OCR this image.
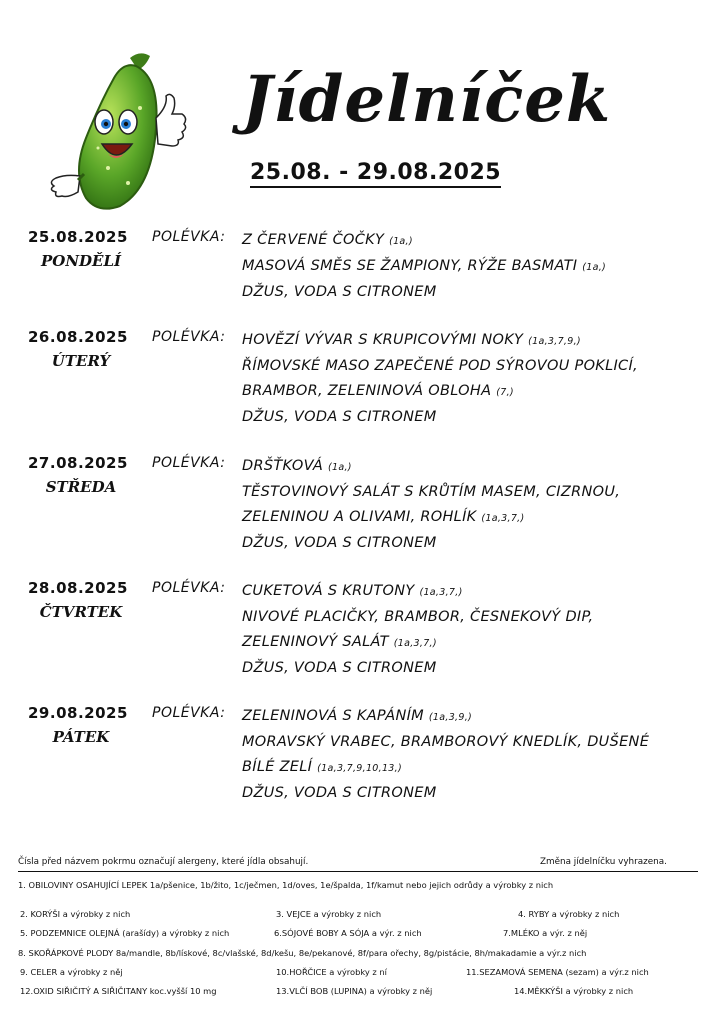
Jídelníček
25.08. - 29.08.2025
25.08.2025
PONDĚLÍ
POLÉVKA: Z ČERVENÉ ČOČKY (1a,)
MASOVÁ SMĚS SE ŽAMPIONY, RÝŽE BASMATI (1a,)
DŽUS, VODA S CITRONEM
26.08.2025
ÚTERÝ
POLÉVKA: HOVĚZÍ VÝVAR S KRUPICOVÝMI NOKY (1a,3,7,9,)
ŘÍMOVSKÉ MASO ZAPEČENÉ POD SÝROVOU POKLICÍ,
BRAMBOR, ZELENINOVÁ OBLOHA (7,)
DŽUS, VODA S CITRONEM
27.08.2025
STŘEDA
POLÉVKA: DRŠŤKOVÁ (1a,)
TĚSTOVINOVÝ SALÁT S KRŮTÍM MASEM, CIZRNOU,
ZELENINOU A OLIVAMI, ROHLÍK (1a,3,7,)
DŽUS, VODA S CITRONEM
28.08.2025
ČTVRTEK
POLÉVKA: CUKETOVÁ S KRUTONY (1a,3,7,)
NIVOVÉ PLACIČKY, BRAMBOR, ČESNEKOVÝ DIP,
ZELENINOVÝ SALÁT (1a,3,7,)
DŽUS, VODA S CITRONEM
29.08.2025
PÁTEK
POLÉVKA: ZELENINOVÁ S KAPÁNÍM (1a,3,9,)
MORAVSKÝ VRABEC, BRAMBOROVÝ KNEDLÍK, DUŠENÉ
BÍLÉ ZELÍ (1a,3,7,9,10,13,)
DŽUS, VODA S CITRONEM
Čísla před názvem pokrmu označují alergeny, které jídla obsahují.	Změna jídelníčku vyhrazena.
1. OBILOVINY OSAHUJÍCÍ LEPEK 1a/pšenice, 1b/žito, 1c/ječmen, 1d/oves, 1e/špalda, 1f/kamut nebo jejich odrůdy a výrobky z nich
2. KORÝŠI a výrobky z nich	3. VEJCE a výrobky z nich	4. RYBY a výrobky z nich
5. PODZEMNICE OLEJNÁ (arašídy) a výrobky z nich	6.SÓJOVÉ BOBY A SÓJA a výr. z nich	7.MLÉKO a výr. z něj
8. SKOŘÁPKOVÉ PLODY 8a/mandle, 8b/lískové, 8c/vlašské, 8d/kešu, 8e/pekanové, 8f/para ořechy, 8g/pistácie, 8h/makadamie a výr.z nich
9. CELER a výrobky z něj	10.HOŘČICE a výrobky z ní	11.SEZAMOVÁ SEMENA (sezam) a výr.z nich
12.OXID SIŘIČITÝ A SIŘIČITANY koc.vyšší 10 mg	13.VLČÍ BOB (LUPINA) a výrobky z něj	14.MĚKKÝŠI a výrobky z nich
